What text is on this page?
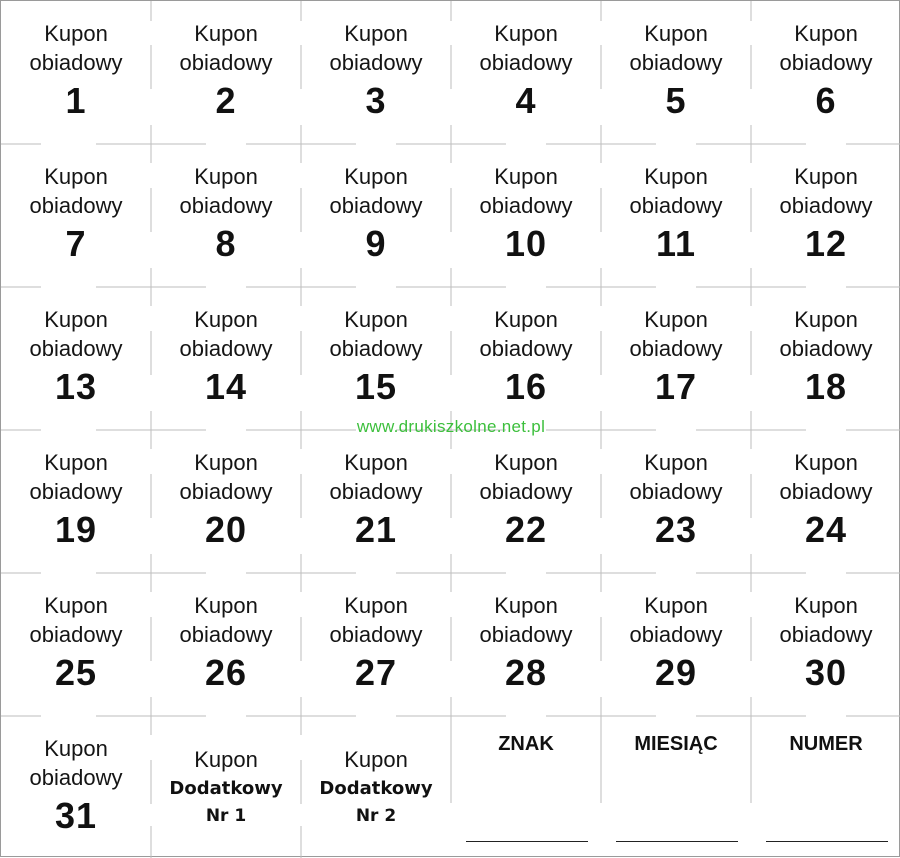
Kupon
obiadowy
1
Kupon
obiadowy
2
Kupon
obiadowy
3
Kupon
obiadowy
4
Kupon
obiadowy
5
Kupon
obiadowy
6
Kupon
obiadowy
7
Kupon
obiadowy
8
Kupon
obiadowy
9
Kupon
obiadowy
10
Kupon
obiadowy
11
Kupon
obiadowy
12
Kupon
obiadowy
13
Kupon
obiadowy
14
Kupon
obiadowy
15
Kupon
obiadowy
16
Kupon
obiadowy
17
Kupon
obiadowy
18
Kupon
obiadowy
19
Kupon
obiadowy
20
Kupon
obiadowy
21
Kupon
obiadowy
22
Kupon
obiadowy
23
Kupon
obiadowy
24
Kupon
obiadowy
25
Kupon
obiadowy
26
Kupon
obiadowy
27
Kupon
obiadowy
28
Kupon
obiadowy
29
Kupon
obiadowy
30
Kupon
obiadowy
31
Kupon
Dodatkowy
Nr 1
Kupon
Dodatkowy
Nr 2
ZNAK	MIESIĄC	NUMER
www.drukiszkolne.net.pl
